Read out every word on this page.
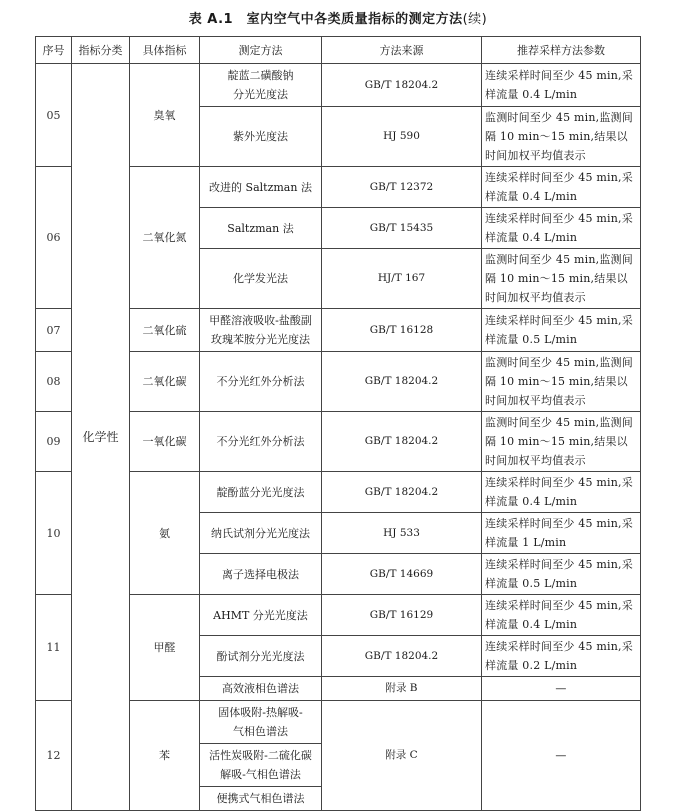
表 A.1　室内空气中各类质量指标的测定方法(续)
序号	指标分类	具体指标	测定方法	方法来源	推荐采样方法参数
05	化学性	臭氧	靛蓝二磺酸钠
分光光度法	GB/T 18204.2	连续采样时间至少 45 min,采样流量 0.4 L/min
			紫外光度法	HJ 590	监测时间至少 45 min,监测间隔 10 min～15 min,结果以时间加权平均值表示
06		二氧化氮	改进的 Saltzman 法	GB/T 12372	连续采样时间至少 45 min,采样流量 0.4 L/min
			Saltzman 法	GB/T 15435	连续采样时间至少 45 min,采样流量 0.4 L/min
			化学发光法	HJ/T 167	监测时间至少 45 min,监测间隔 10 min～15 min,结果以时间加权平均值表示
07		二氧化硫	甲醛溶液吸收-盐酸副
玫瑰苯胺分光光度法	GB/T 16128	连续采样时间至少 45 min,采样流量 0.5 L/min
08		二氧化碳	不分光红外分析法	GB/T 18204.2	监测时间至少 45 min,监测间隔 10 min～15 min,结果以时间加权平均值表示
09		一氧化碳	不分光红外分析法	GB/T 18204.2	监测时间至少 45 min,监测间隔 10 min～15 min,结果以时间加权平均值表示
10		氨	靛酚蓝分光光度法	GB/T 18204.2	连续采样时间至少 45 min,采样流量 0.4 L/min
			纳氏试剂分光光度法	HJ 533	连续采样时间至少 45 min,采样流量 1 L/min
			离子选择电极法	GB/T 14669	连续采样时间至少 45 min,采样流量 0.5 L/min
11		甲醛	AHMT 分光光度法	GB/T 16129	连续采样时间至少 45 min,采样流量 0.4 L/min
			酚试剂分光光度法	GB/T 18204.2	连续采样时间至少 45 min,采样流量 0.2 L/min
			高效液相色谱法	附录 B	—
12		苯	固体吸附-热解吸-
气相色谱法	附录 C	—
			活性炭吸附-二硫化碳
解吸-气相色谱法		
			便携式气相色谱法		
